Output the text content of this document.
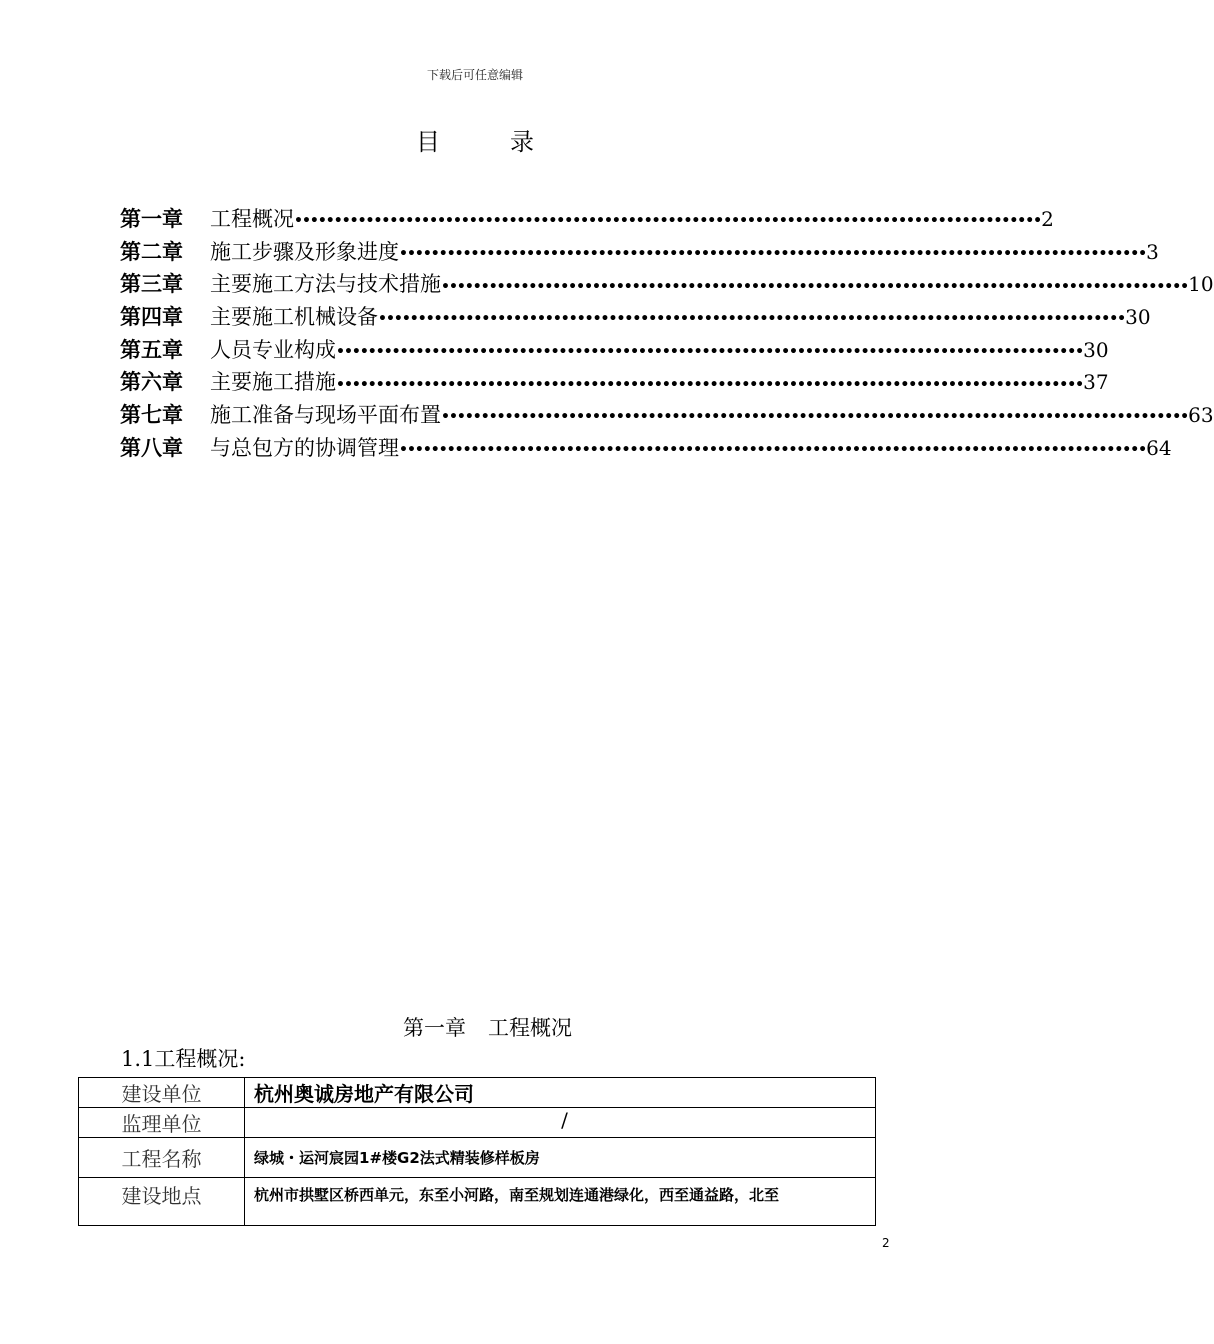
下载后可任意编辑
目	录
第一章	工程概况 •••••••••••••••••••••••••••••••••••••••••••••••••••••••••••••••••••••••••••••••••••••••••••••• 2
第二章	施工步骤及形象进度 •••••••••••••••••••••••••••••••••••••••••••••••••••••••••••••••••••••••••••••••••••••••••••••• 3
第三章	主要施工方法与技术措施 •••••••••••••••••••••••••••••••••••••••••••••••••••••••••••••••••••••••••••••••••••••••••••••• 10
第四章	主要施工机械设备 •••••••••••••••••••••••••••••••••••••••••••••••••••••••••••••••••••••••••••••••••••••••••••••• 30
第五章	人员专业构成 •••••••••••••••••••••••••••••••••••••••••••••••••••••••••••••••••••••••••••••••••••••••••••••• 30
第六章	主要施工措施 •••••••••••••••••••••••••••••••••••••••••••••••••••••••••••••••••••••••••••••••••••••••••••••• 37
第七章	施工准备与现场平面布置 •••••••••••••••••••••••••••••••••••••••••••••••••••••••••••••••••••••••••••••••••••••••••••••• 63
第八章	与总包方的协调管理 •••••••••••••••••••••••••••••••••••••••••••••••••••••••••••••••••••••••••••••••••••••••••••••• 64
第一章 工程概况
1.1工程概况:
建设单位	杭州奥诚房地产有限公司
监理单位	/
工程名称	绿城・运河宸园1#楼G2法式精装修样板房
建设地点	杭州市拱墅区桥西单元，东至小河路，南至规划连通港绿化，西至通益路，北至
2
